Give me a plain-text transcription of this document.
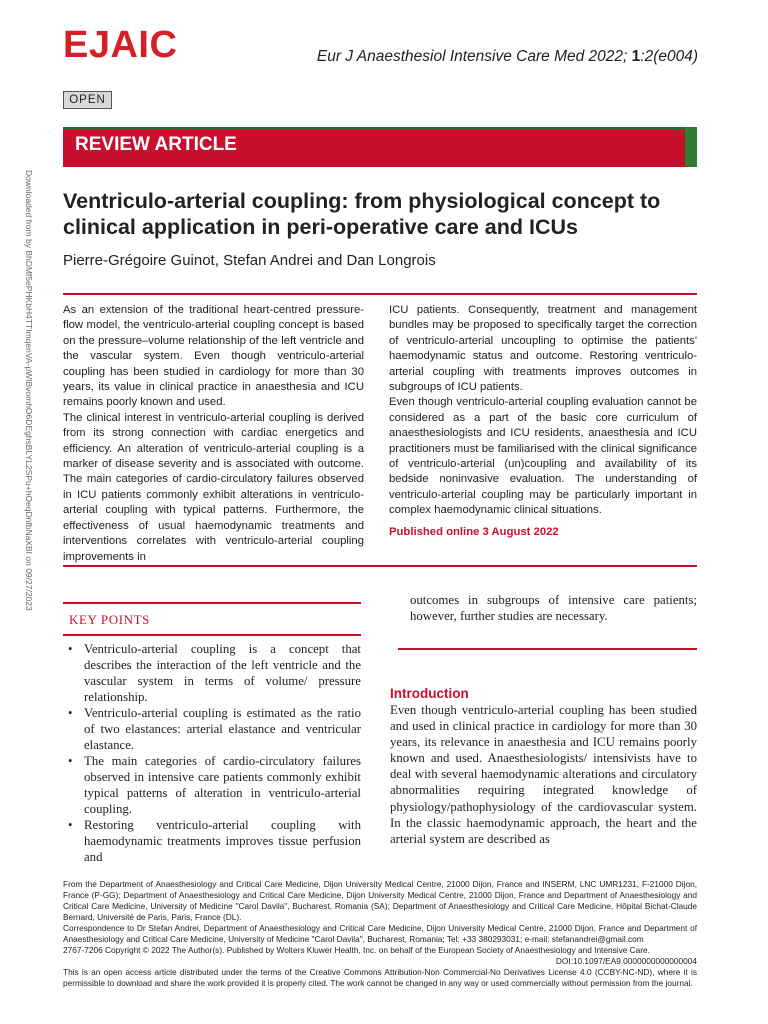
EJAIC	Eur J Anaesthesiol Intensive Care Med 2022; 1:2(e004)
OPEN
REVIEW ARTICLE
Downloaded from by BhDMf5ePHKbH4TTImqenVA-pWIBvomhO6DEghsBLYL2SPu+hOeqDnfbNaXBI on 09/27/2023 Ventriculo-arterial coupling: from physiological concept to clinical application in peri-operative care and ICUs
Pierre-Grégoire Guinot, Stefan Andrei and Dan Longrois

As an extension of the traditional heart-centred pressure-flow model, the ventriculo-arterial coupling concept is based on the pressure–volume relationship of the left ventricle and the vascular system. Even though ventriculo-arterial coupling has been studied in cardiology for more than 30 years, its value in clinical practice in anaesthesia and ICU remains poorly known and used.

The clinical interest in ventriculo-arterial coupling is derived from its strong connection with cardiac energetics and efficiency. An alteration of ventriculo-arterial coupling is a marker of disease severity and is associated with outcome. The main categories of cardio-circulatory failures observed in ICU patients commonly exhibit alterations in ventriculo-arterial coupling with typical patterns. Furthermore, the effectiveness of usual haemodynamic treatments and interventions correlates with ventriculo-arterial coupling improvements in

ICU patients. Consequently, treatment and management bundles may be proposed to specifically target the correction of ventriculo-arterial uncoupling to optimise the patients' haemodynamic status and outcome. Restoring ventriculo-arterial coupling with treatments improves outcomes in subgroups of ICU patients.

Even though ventriculo-arterial coupling evaluation cannot be considered as a part of the basic core curriculum of anaesthesiologists and ICU residents, anaesthesia and ICU practitioners must be familiarised with the clinical significance of ventriculo-arterial (un)coupling and availability of its bedside noninvasive evaluation. The understanding of ventriculo-arterial coupling may be particularly important in complex haemodynamic clinical situations.

Published online 3 August 2022

KEY POINTS
• Ventriculo-arterial coupling is a concept that describes the interaction of the left ventricle and the vascular system in terms of volume/ pressure relationship.
• Ventriculo-arterial coupling is estimated as the ratio of two elastances: arterial elastance and ventricular elastance.
• The main categories of cardio-circulatory failures observed in intensive care patients commonly exhibit typical patterns of alteration in ventriculo-arterial coupling.
• Restoring ventriculo-arterial coupling with haemodynamic treatments improves tissue perfusion and

outcomes in subgroups of intensive care patients; however, further studies are necessary.

Introduction

Even though ventriculo-arterial coupling has been studied and used in clinical practice in cardiology for more than 30 years, its relevance in anaesthesia and ICU remains poorly known and used. Anaesthesiologists/ intensivists have to deal with several haemodynamic alterations and circulatory abnormalities requiring integrated knowledge of physiology/pathophysiology of the cardiovascular system. In the classic haemodynamic approach, the heart and the arterial system are described as

From the Department of Anaesthesiology and Critical Care Medicine, Dijon University Medical Centre, 21000 Dijon, France and INSERM, LNC UMR1231, F-21000 Dijon, France (P-GG); Department of Anaesthesiology and Critical Care Medicine, Dijon University Medical Centre, 21000 Dijon, France and Department of Anaesthesiology and Critical Care Medicine, University of Medicine "Carol Davila", Bucharest, Romania (SA); Department of Anaesthesiology and Critical Care Medicine, Hôpital Bichat-Claude Bernard, Université de Paris, Paris, France (DL).

Correspondence to Dr Stefan Andrei, Department of Anaesthesiology and Critical Care Medicine, Dijon University Medical Centre, 21000 Dijon, France and Department of Anaesthesiology and Critical Care Medicine, University of Medicine "Carol Davila", Bucharest, Romania; Tel: +33 380293031; e-mail: stefanandrei@gmail.com

2767-7206 Copyright © 2022 The Author(s). Published by Wolters Kluwer Health, Inc. on behalf of the European Society of Anaesthesiology and Intensive Care.

DOI:10.1097/EA9.0000000000000004

This is an open access article distributed under the terms of the Creative Commons Attribution-Non Commercial-No Derivatives License 4.0 (CCBY-NC-ND), where it is permissible to download and share the work provided it is properly cited. The work cannot be changed in any way or used commercially without permission from the journal.
